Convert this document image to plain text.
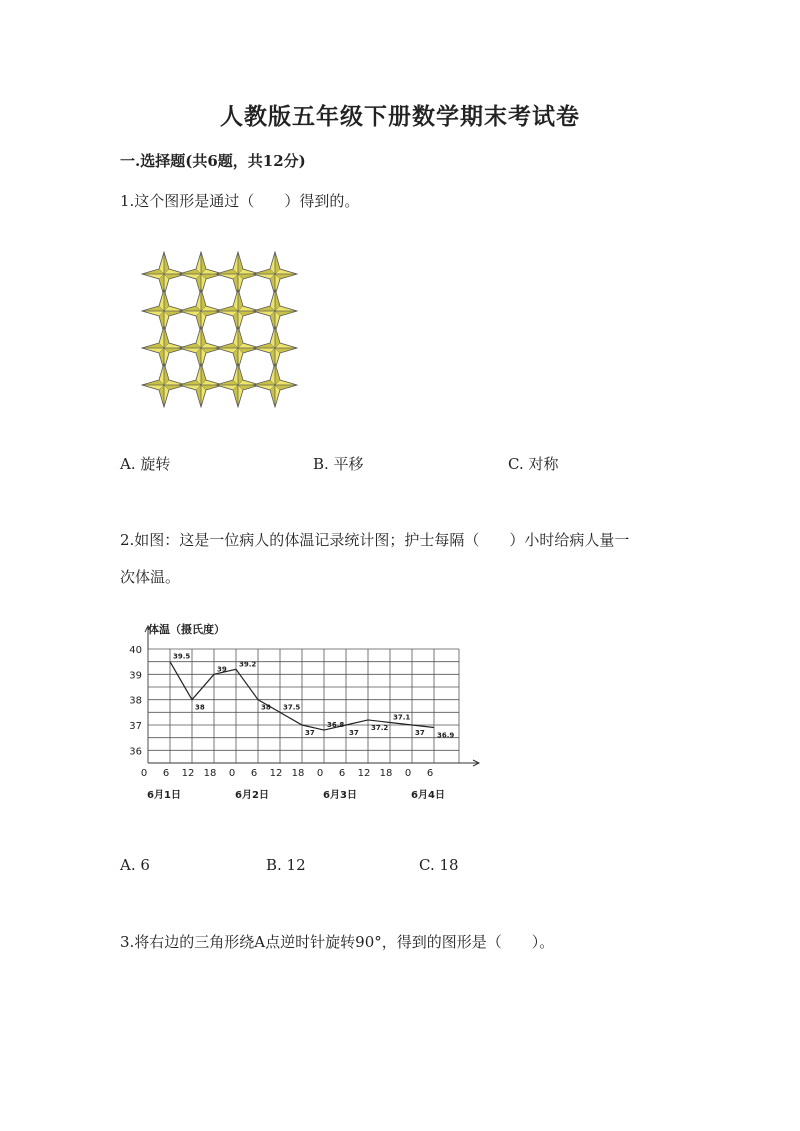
人教版五年级下册数学期末考试卷
一.选择题(共6题，共12分)
1.这个图形是通过（　　）得到的。
A. 旋转	B. 平移	C. 对称
2.如图：这是一位病人的体温记录统计图；护士每隔（　　）小时给病人量一
次体温。
体温（摄氏度）
40
39
38
37
36
0 6 12 18 0 6 12 18 0 6 12 18 0 6
6月1日	6月2日	6月3日	6月4日
39.5
38
39
39.2
38 37.5
37
36.8
37
37.2
37.1
37 36.9
A. 6	B. 12	C. 18
3.将右边的三角形绕A点逆时针旋转90°，得到的图形是（　　）。
